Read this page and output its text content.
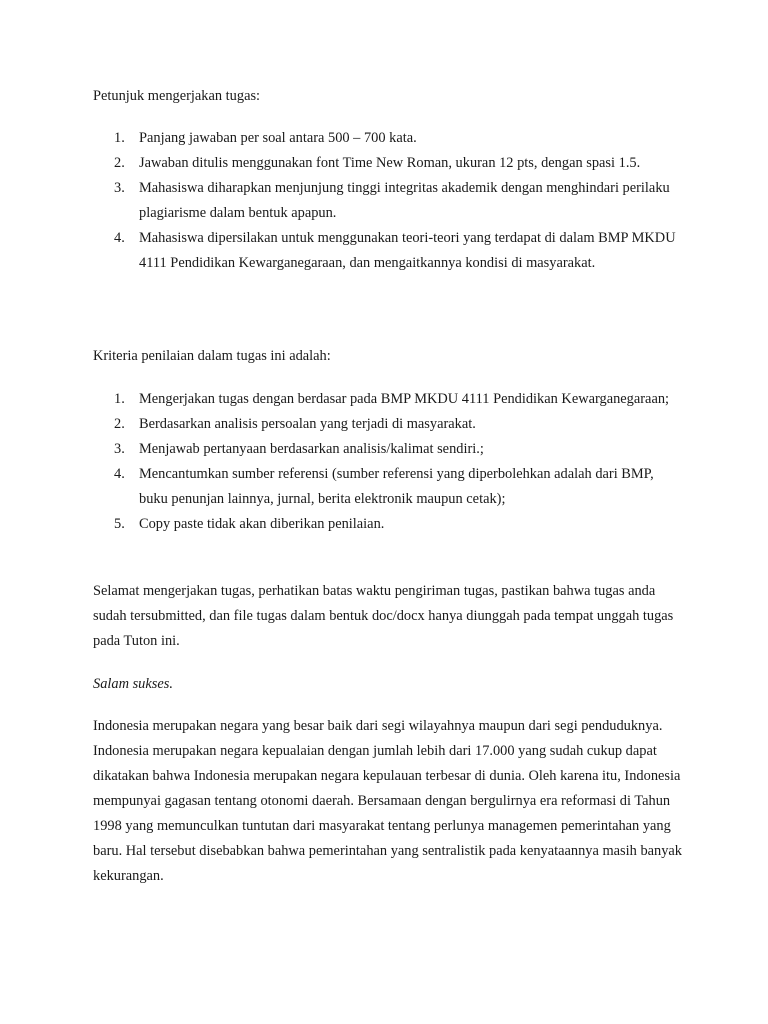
Petunjuk mengerjakan tugas:

1. Panjang jawaban per soal antara 500 – 700 kata.
2. Jawaban ditulis menggunakan font Time New Roman, ukuran 12 pts, dengan spasi 1.5.
3. Mahasiswa diharapkan menjunjung tinggi integritas akademik dengan menghindari perilaku plagiarisme dalam bentuk apapun.
4. Mahasiswa dipersilakan untuk menggunakan teori-teori yang terdapat di dalam BMP MKDU 4111 Pendidikan Kewarganegaraan, dan mengaitkannya kondisi di masyarakat.

Kriteria penilaian dalam tugas ini adalah:

1. Mengerjakan tugas dengan berdasar pada BMP MKDU 4111 Pendidikan Kewarganegaraan;
2. Berdasarkan analisis persoalan yang terjadi di masyarakat.
3. Menjawab pertanyaan berdasarkan analisis/kalimat sendiri.;
4. Mencantumkan sumber referensi (sumber referensi yang diperbolehkan adalah dari BMP, buku penunjan lainnya, jurnal, berita elektronik maupun cetak);
5. Copy paste tidak akan diberikan penilaian.

Selamat mengerjakan tugas, perhatikan batas waktu pengiriman tugas, pastikan bahwa tugas anda sudah tersubmitted, dan file tugas dalam bentuk doc/docx hanya diunggah pada tempat unggah tugas pada Tuton ini.

Salam sukses.

Indonesia merupakan negara yang besar baik dari segi wilayahnya maupun dari segi penduduknya. Indonesia merupakan negara kepualaian dengan jumlah lebih dari 17.000 yang sudah cukup dapat dikatakan bahwa Indonesia merupakan negara kepulauan terbesar di dunia. Oleh karena itu, Indonesia mempunyai gagasan tentang otonomi daerah. Bersamaan dengan bergulirnya era reformasi di Tahun 1998 yang memunculkan tuntutan dari masyarakat tentang perlunya managemen pemerintahan yang baru. Hal tersebut disebabkan bahwa pemerintahan yang sentralistik pada kenyataannya masih banyak kekurangan.
